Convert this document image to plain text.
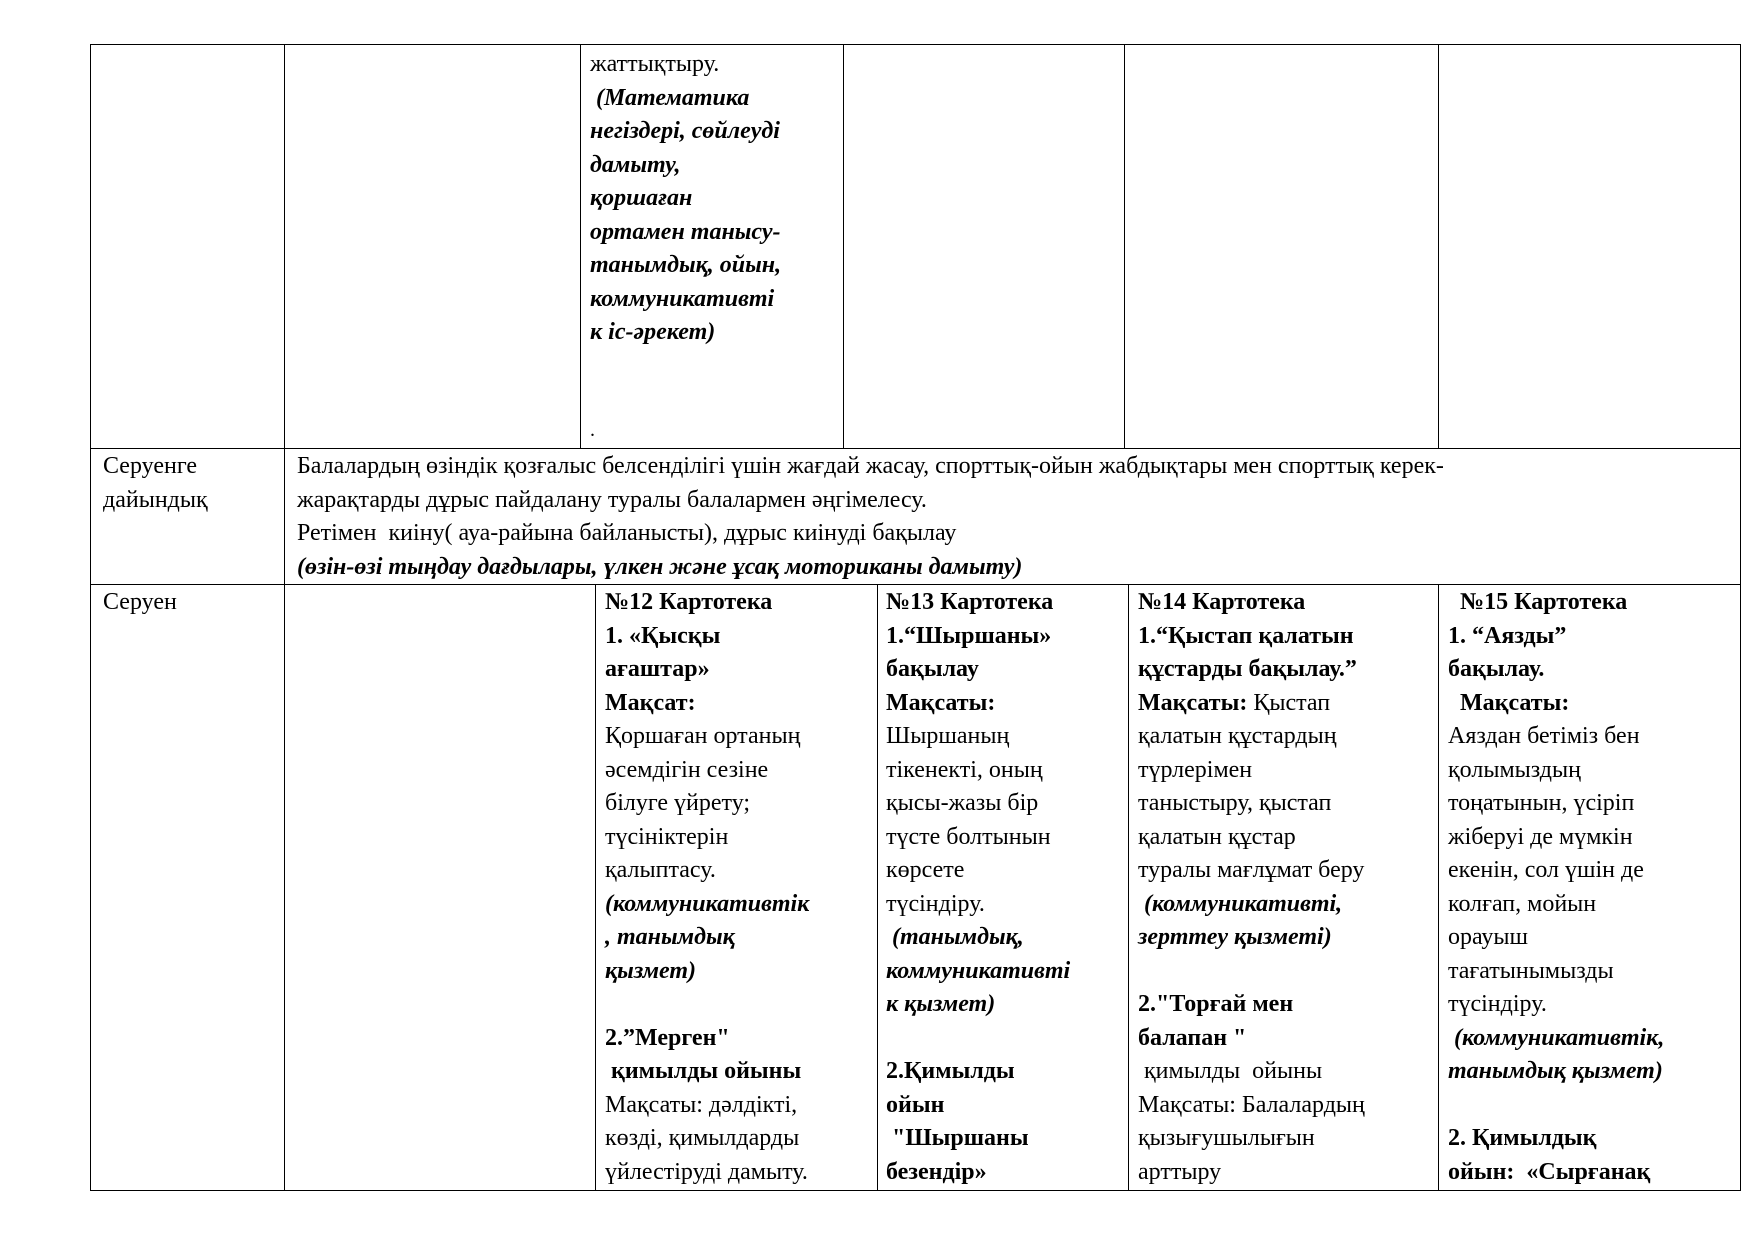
жаттықтыру.
(Математика
негіздері, сөйлеуді
дамыту,
қоршаған
ортамен танысу-
танымдық, ойын,
коммуникативті
к іс-әрекет)
.
Серуенге
дайындық
Балалардың өзіндік қозғалыс белсенділігі үшін жағдай жасау, спорттық-ойын жабдықтары мен спорттық керек-
жарақтарды дұрыс пайдалану туралы балалармен әңгімелесу.
Ретімен  киіну( ауа-райына байланысты), дұрыс киінуді бақылау
(өзін-өзі тыңдау дағдылары, үлкен және ұсақ моториканы дамыту)
Серуен	№12 Картотека
1. «Қысқы
ағаштар»
Мақсат:
Қоршаған ортаның
әсемдігін сезіне
білуге үйрету;
түсініктерін
қалыптасу.
(коммуникативтік
, танымдық
қызмет)

2.”Мерген"
қимылды ойыны
Мақсаты: дәлдікті,
көзді, қимылдарды
үйлестіруді дамыту.
№13 Картотека
1.“Шыршаны»
бақылау
Мақсаты:
Шыршаның
тікенекті, оның
қысы-жазы бір
түсте болтынын
көрсете
түсіндіру.
(танымдық,
коммуникативті
к қызмет)

2.Қимылды
ойын
"Шыршаны
безендір»
№14 Картотека
1.“Қыстап қалатын
құстарды бақылау.”
Мақсаты: Қыстап
қалатын құстардың
түрлерімен
таныстыру, қыстап
қалатын құстар
туралы мағлұмат беру
(коммуникативті,
зерттеу қызметі)

2."Торғай мен
балапан "
қимылды  ойыны
Мақсаты: Балалардың
қызығушылығын
арттыру
№15 Картотека
1. “Аязды”
бақылау.
Мақсаты:
Аяздан бетіміз бен
қолымыздың
тоңатынын, үсіріп
жіберуі де мүмкін
екенін, сол үшін де
колғап, мойын
орауыш
тағатынымызды
түсіндіру.
(коммуникативтік,
танымдық қызмет)

2. Қимылдық
ойын:  «Сырғанақ
